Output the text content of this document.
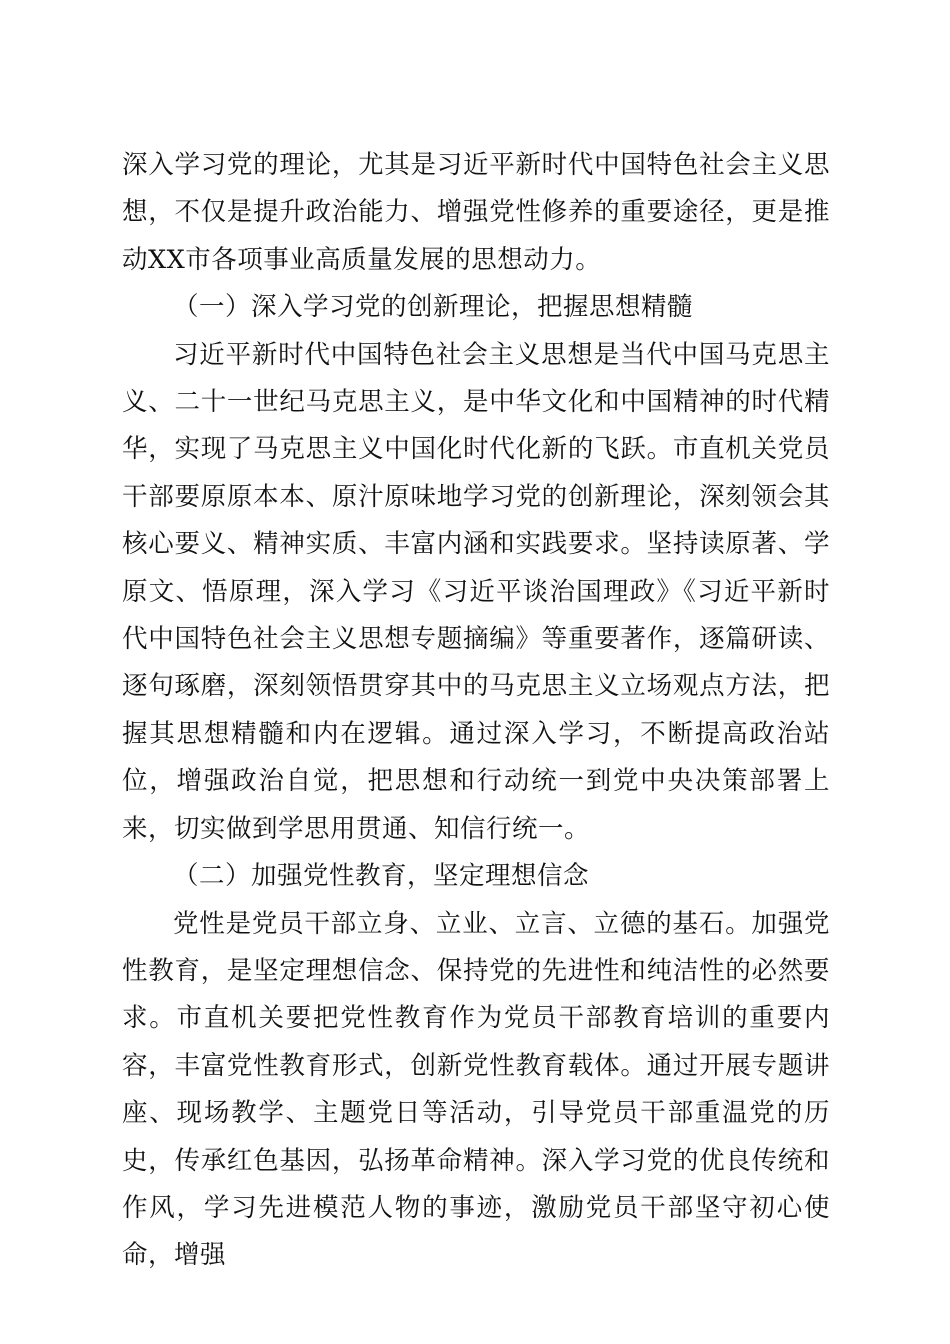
深入学习党的理论，尤其是习近平新时代中国特色社会主义思想，不仅是提升政治能力、增强党性修养的重要途径，更是推动XX市各项事业高质量发展的思想动力。

（一）深入学习党的创新理论，把握思想精髓

习近平新时代中国特色社会主义思想是当代中国马克思主义、二十一世纪马克思主义，是中华文化和中国精神的时代精华，实现了马克思主义中国化时代化新的飞跃。市直机关党员干部要原原本本、原汁原味地学习党的创新理论，深刻领会其核心要义、精神实质、丰富内涵和实践要求。坚持读原著、学原文、悟原理，深入学习《习近平谈治国理政》《习近平新时代中国特色社会主义思想专题摘编》等重要著作，逐篇研读、逐句琢磨，深刻领悟贯穿其中的马克思主义立场观点方法，把握其思想精髓和内在逻辑。通过深入学习，不断提高政治站位，增强政治自觉，把思想和行动统一到党中央决策部署上来，切实做到学思用贯通、知信行统一。

（二）加强党性教育，坚定理想信念

党性是党员干部立身、立业、立言、立德的基石。加强党性教育，是坚定理想信念、保持党的先进性和纯洁性的必然要求。市直机关要把党性教育作为党员干部教育培训的重要内容，丰富党性教育形式，创新党性教育载体。通过开展专题讲座、现场教学、主题党日等活动，引导党员干部重温党的历史，传承红色基因，弘扬革命精神。深入学习党的优良传统和作风，学习先进模范人物的事迹，激励党员干部坚守初心使命，增强
